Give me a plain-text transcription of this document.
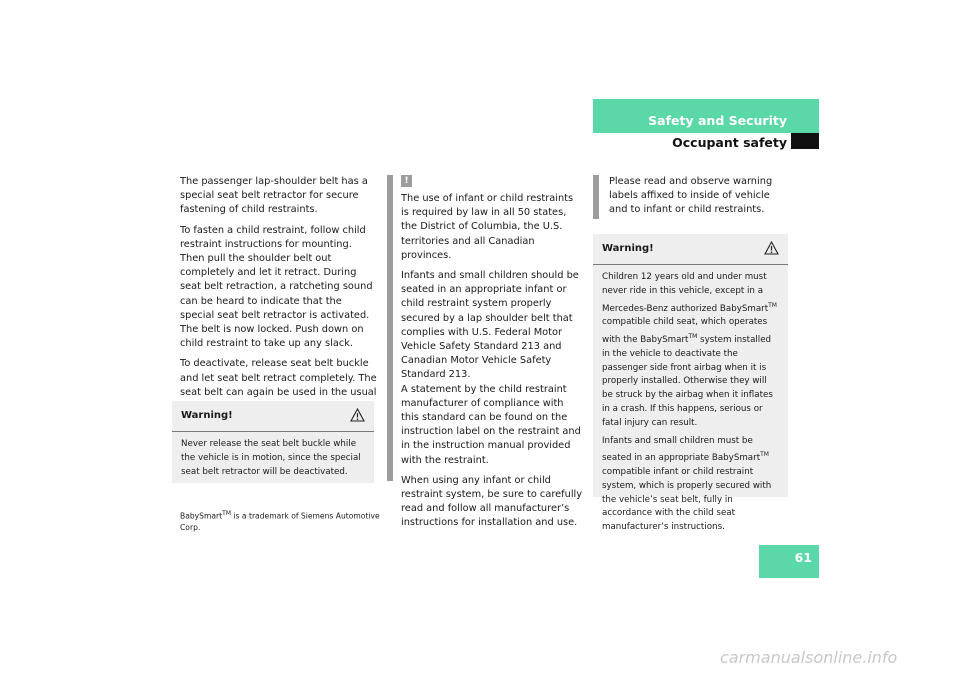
Safety and Security
Occupant safety

The passenger lap-shoulder belt has a special seat belt retractor for secure fastening of child restraints.

To fasten a child restraint, follow child restraint instructions for mounting. Then pull the shoulder belt out completely and let it retract. During seat belt retraction, a ratcheting sound can be heard to indicate that the special seat belt retractor is activated. The belt is now locked. Push down on child restraint to take up any slack.

To deactivate, release seat belt buckle and let seat belt retract completely. The seat belt can again be used in the usual

Warning!

Never release the seat belt buckle while the vehicle is in motion, since the special seat belt retractor will be deactivated.

BabySmart™ is a trademark of Siemens Automotive Corp.
!

The use of infant or child restraints is required by law in all 50 states, the District of Columbia, the U.S. territories and all Canadian provinces.

Infants and small children should be seated in an appropriate infant or child restraint system properly secured by a lap shoulder belt that complies with U.S. Federal Motor Vehicle Safety Standard 213 and Canadian Motor Vehicle Safety Standard 213.
A statement by the child restraint manufacturer of compliance with this standard can be found on the instruction label on the restraint and in the instruction manual provided with the restraint.

When using any infant or child restraint system, be sure to carefully read and follow all manufacturer’s instructions for installation and use.

Please read and observe warning labels affixed to inside of vehicle and to infant or child restraints.

Warning!

Children 12 years old and under must never ride in this vehicle, except in a Mercedes-Benz authorized BabySmart™ compatible child seat, which operates with the BabySmart™ system installed in the vehicle to deactivate the passenger side front airbag when it is properly installed. Otherwise they will be struck by the airbag when it inflates in a crash. If this happens, serious or fatal injury can result.

Infants and small children must be seated in an appropriate BabySmart™ compatible infant or child restraint system, which is properly secured with the vehicle’s seat belt, fully in accordance with the child seat manufacturer’s instructions.

61
carmanualsonline.info
